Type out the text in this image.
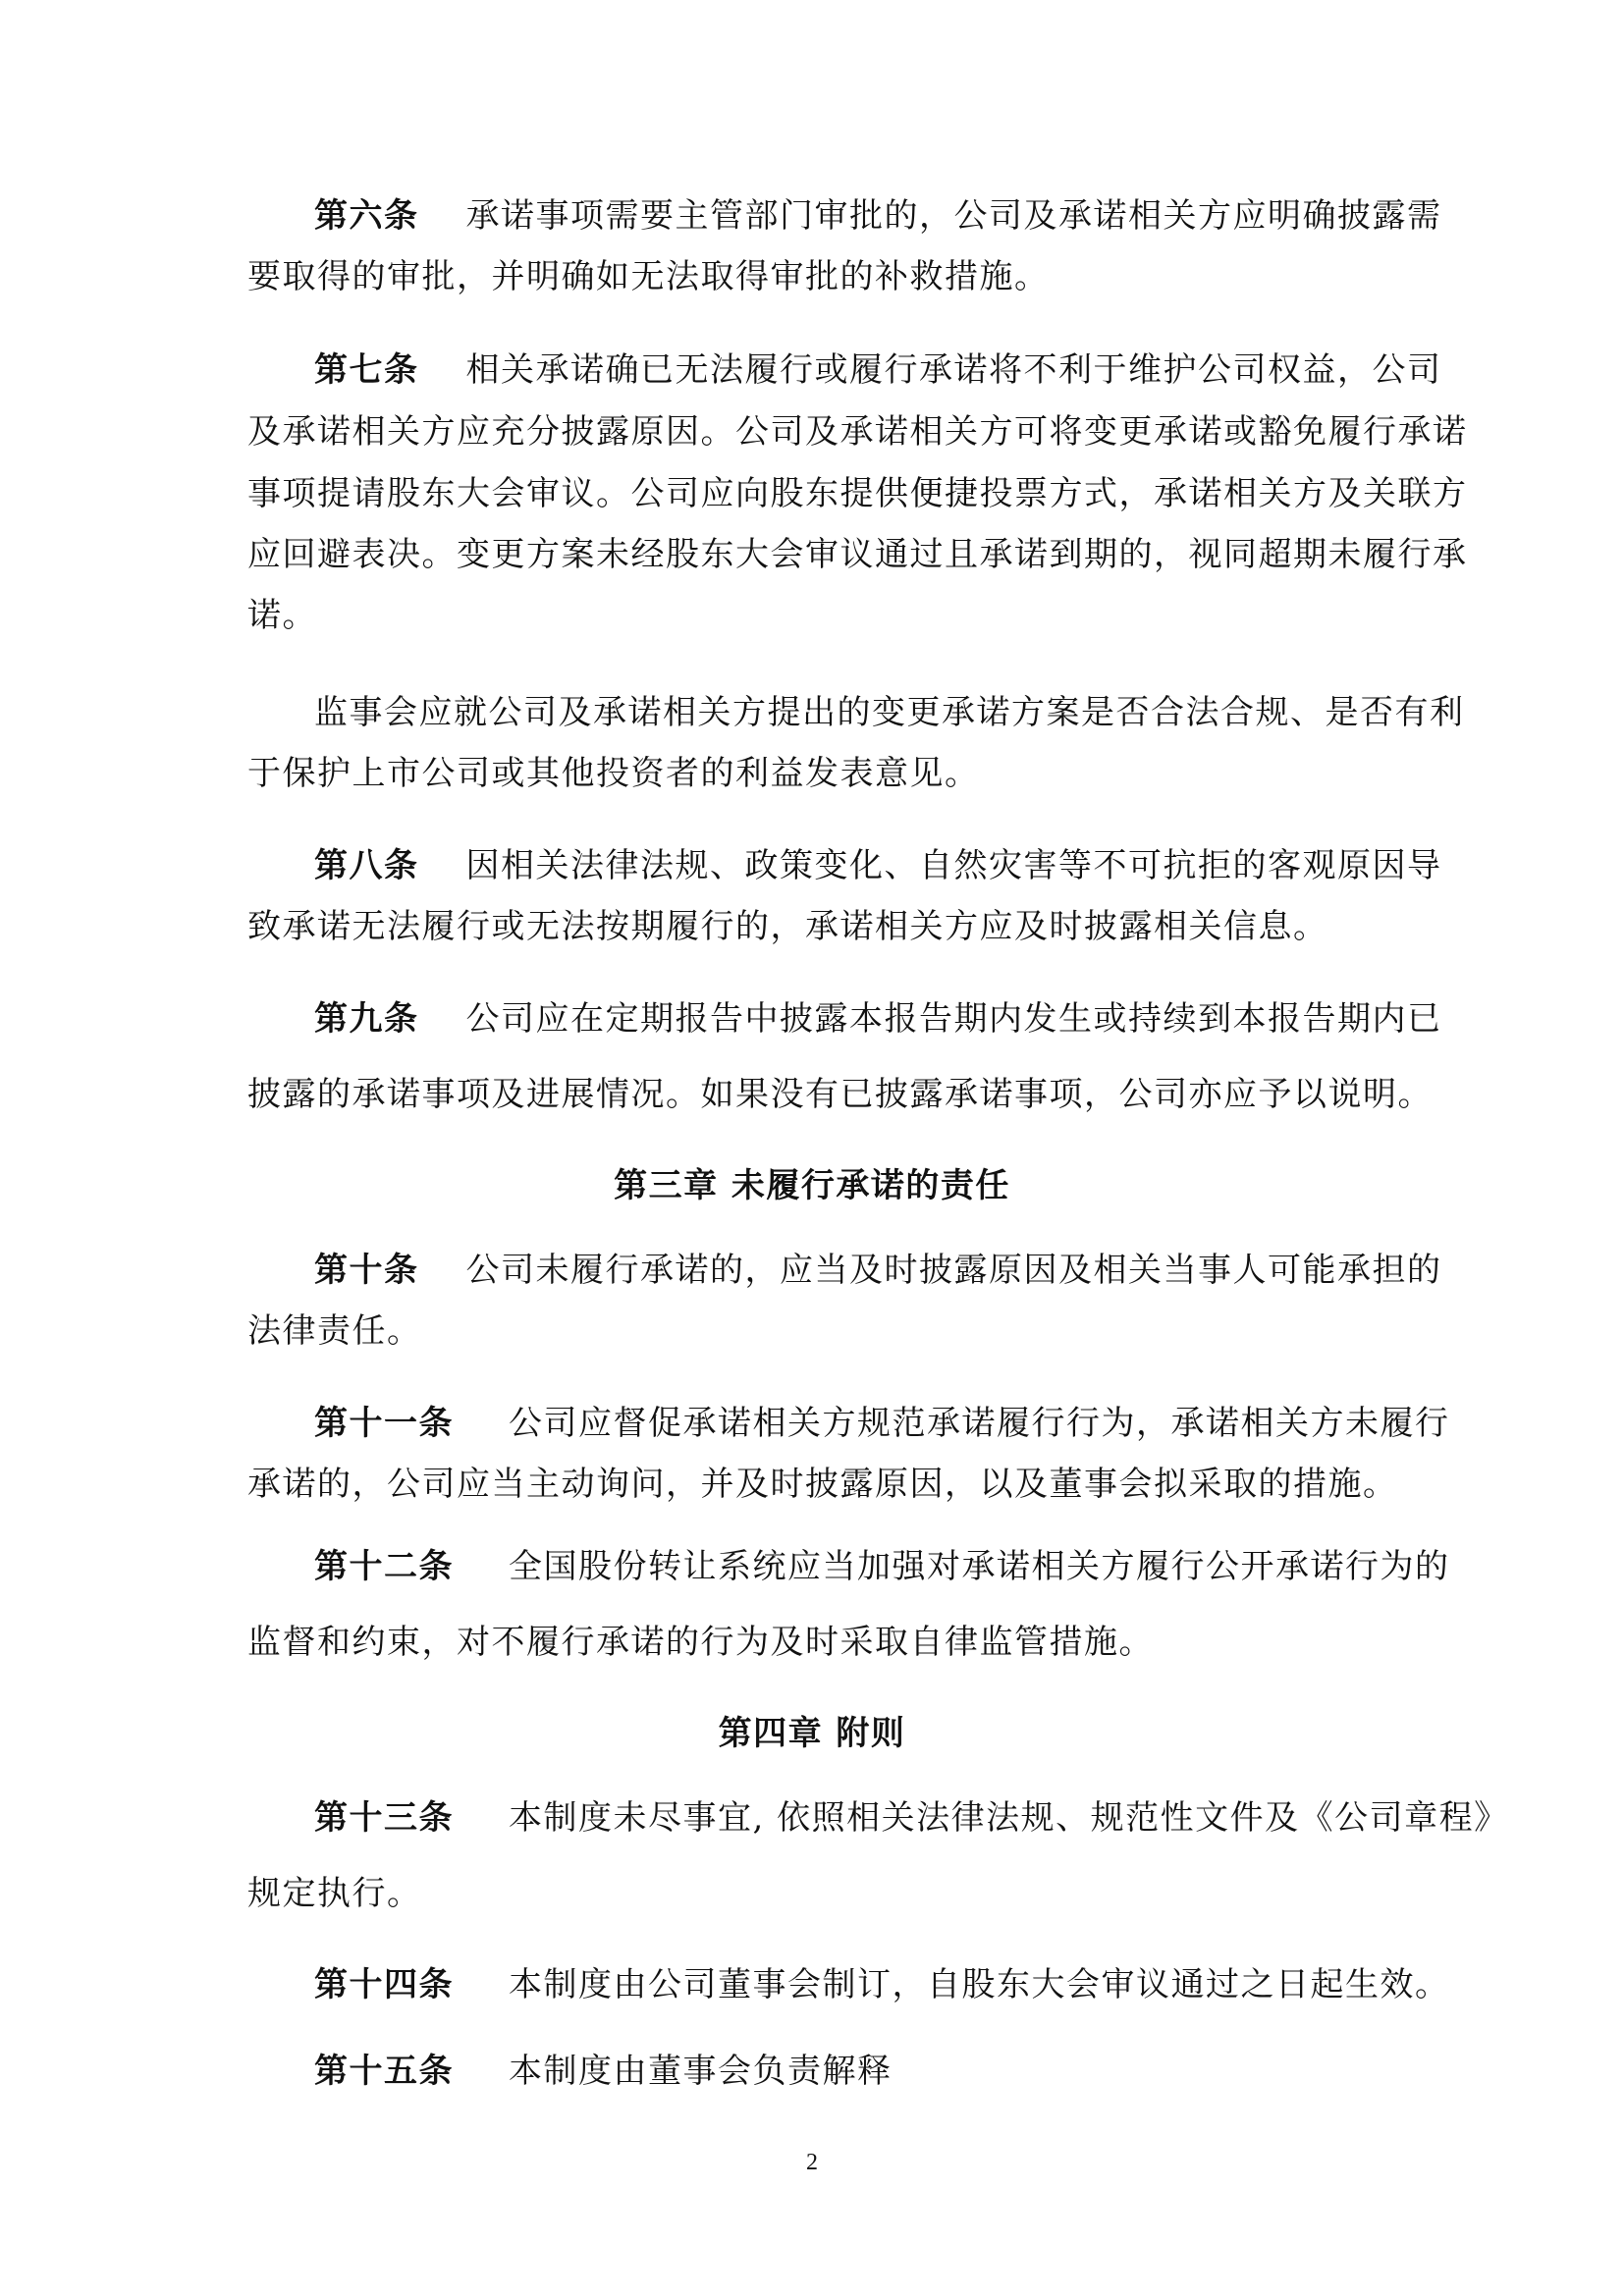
第六条 承诺事项需要主管部门审批的，公司及承诺相关方应明确披露需
要取得的审批，并明确如无法取得审批的补救措施。
第七条 相关承诺确已无法履行或履行承诺将不利于维护公司权益，公司
及承诺相关方应充分披露原因。公司及承诺相关方可将变更承诺或豁免履行承诺
事项提请股东大会审议。公司应向股东提供便捷投票方式，承诺相关方及关联方
应回避表决。变更方案未经股东大会审议通过且承诺到期的，视同超期未履行承
诺。
监事会应就公司及承诺相关方提出的变更承诺方案是否合法合规、是否有利
于保护上市公司或其他投资者的利益发表意见。
第八条 因相关法律法规、政策变化、自然灾害等不可抗拒的客观原因导
致承诺无法履行或无法按期履行的，承诺相关方应及时披露相关信息。
第九条 公司应在定期报告中披露本报告期内发生或持续到本报告期内已
披露的承诺事项及进展情况。如果没有已披露承诺事项，公司亦应予以说明。
第三章 未履行承诺的责任
第十条 公司未履行承诺的，应当及时披露原因及相关当事人可能承担的
法律责任。
第十一条 公司应督促承诺相关方规范承诺履行行为，承诺相关方未履行
承诺的，公司应当主动询问，并及时披露原因，以及董事会拟采取的措施。
第十二条 全国股份转让系统应当加强对承诺相关方履行公开承诺行为的
监督和约束，对不履行承诺的行为及时采取自律监管措施。
第四章 附则
第十三条 本制度未尽事宜, 依照相关法律法规、规范性文件及《公司章程》
规定执行。
第十四条 本制度由公司董事会制订，自股东大会审议通过之日起生效。
第十五条 本制度由董事会负责解释
2
